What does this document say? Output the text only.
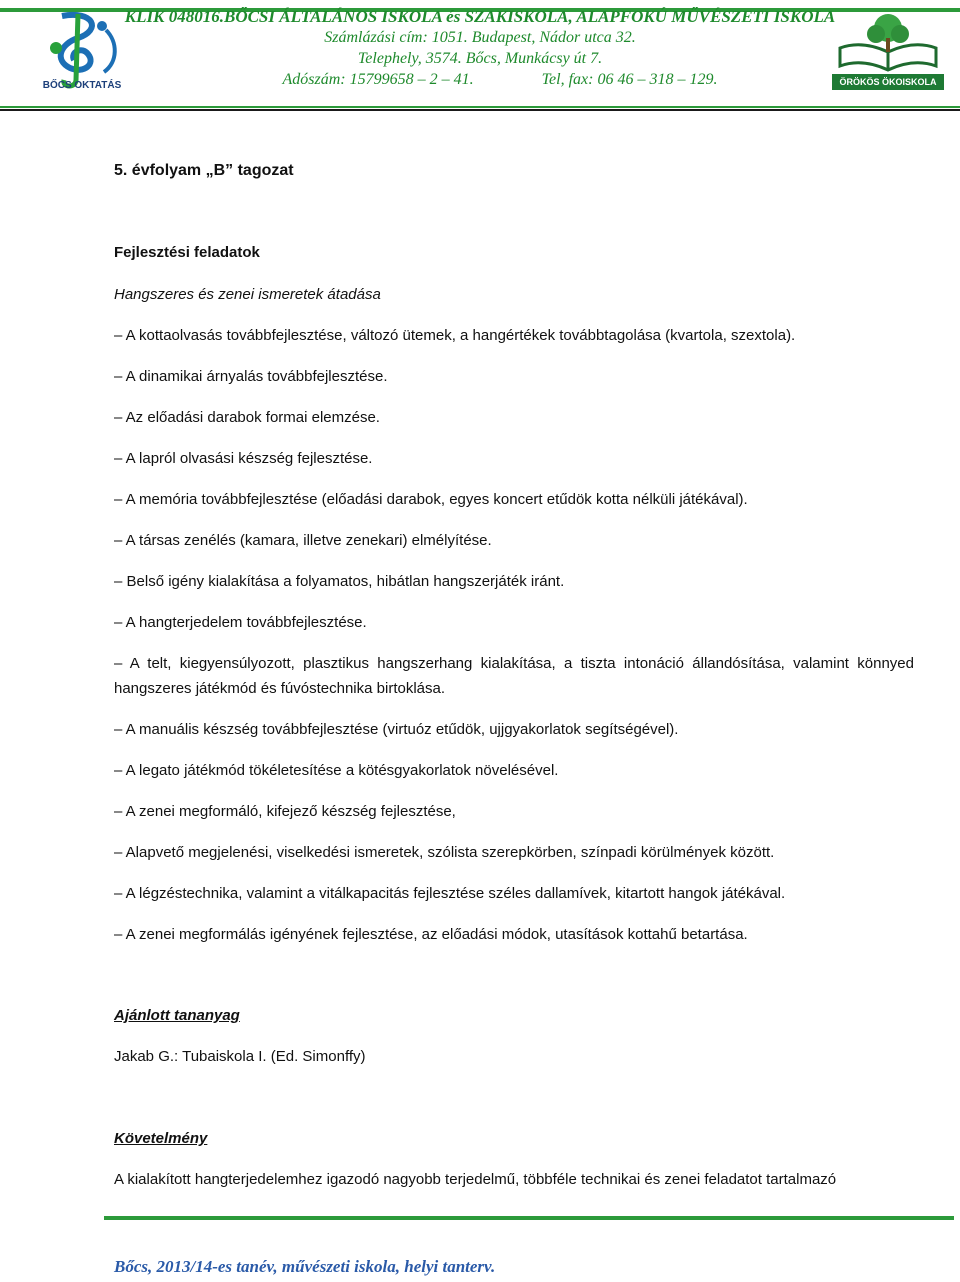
BŐCS OKTATÁS
KLIK 048016.BŐCSI ÁLTALÁNOS ISKOLA és SZAKISKOLA, ALAPFOKÚ MŰVÉSZETI ISKOLA
Számlázási cím: 1051. Budapest, Nádor utca 32.
Telephely, 3574. Bőcs, Munkácsy út 7.
Adószám: 15799658 – 2 – 41.	Tel, fax: 06 46 – 318 – 129.	ÖRÖKÖS ÖKOISKOLA

5. évfolyam „B” tagozat

Fejlesztési feladatok

Hangszeres és zenei ismeretek átadása

– A kottaolvasás továbbfejlesztése, változó ütemek, a hangértékek továbbtagolása (kvartola, szextola).

– A dinamikai árnyalás továbbfejlesztése.

– Az előadási darabok formai elemzése.

– A lapról olvasási készség fejlesztése.

– A memória továbbfejlesztése (előadási darabok, egyes koncert etűdök kotta nélküli játékával).

– A társas zenélés (kamara, illetve zenekari) elmélyítése.

– Belső igény kialakítása a folyamatos, hibátlan hangszerjáték iránt.

– A hangterjedelem továbbfejlesztése.

– A telt, kiegyensúlyozott, plasztikus hangszerhang kialakítása, a tiszta intonáció állandósítása, valamint könnyed hangszeres játékmód és fúvóstechnika birtoklása.

– A manuális készség továbbfejlesztése (virtuóz etűdök, ujjgyakorlatok segítségével).

– A legato játékmód tökéletesítése a kötésgyakorlatok növelésével.

– A zenei megformáló, kifejező készség fejlesztése,

– Alapvető megjelenési, viselkedési ismeretek, szólista szerepkörben, színpadi körülmények között.

– A légzéstechnika, valamint a vitálkapacitás fejlesztése széles dallamívek, kitartott hangok játékával.

– A zenei megformálás igényének fejlesztése, az előadási módok, utasítások kottahű betartása.

Ajánlott tananyag

Jakab G.: Tubaiskola I. (Ed. Simonffy)

Követelmény

A kialakított hangterjedelemhez igazodó nagyobb terjedelmű, többféle technikai és zenei feladatot tartalmazó

Bőcs, 2013/14-es tanév, művészeti iskola, helyi tanterv.
